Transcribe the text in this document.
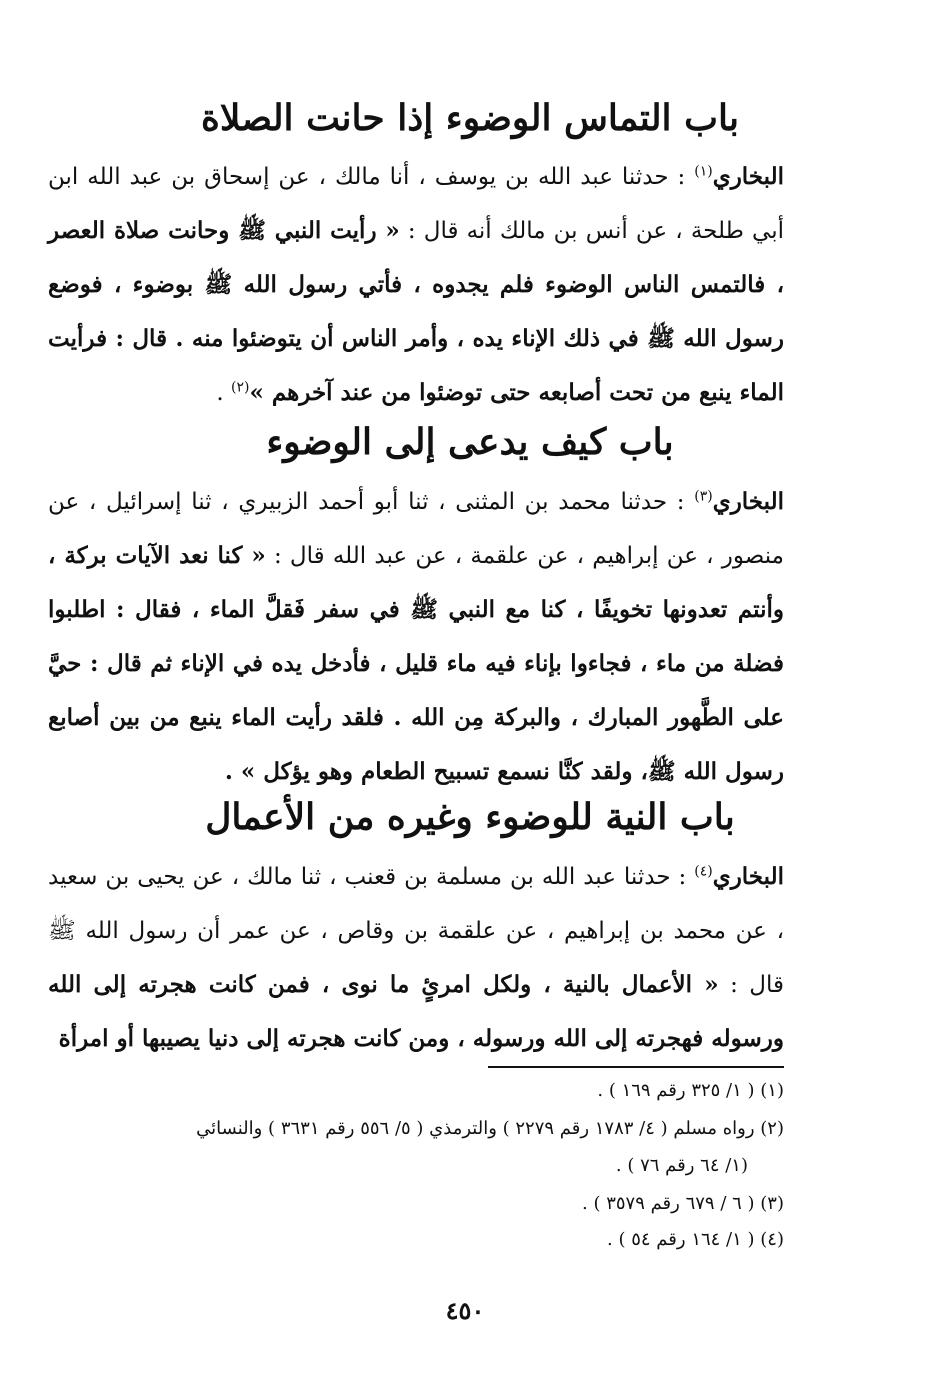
باب التماس الوضوء إذا حانت الصلاة
البخاري$^{(١)}$ : حدثنا عبد الله بن يوسف ، أنا مالك ، عن إسحاق بن عبد الله ابن أبي طلحة ، عن أنس بن مالك أنه قال : « رأيت النبي ﷺ وحانت صلاة العصر ، فالتمس الناس الوضوء فلم يجدوه ، فأتي رسول الله ﷺ بوضوء ، فوضع رسول الله ﷺ في ذلك الإناء يده ، وأمر الناس أن يتوضئوا منه . قال : فرأيت الماء ينبع من تحت أصابعه حتى توضئوا من عند آخرهم »$^{(٢)}$ .
باب كيف يدعى إلى الوضوء
البخاري$^{(٣)}$ : حدثنا محمد بن المثنى ، ثنا أبو أحمد الزبيري ، ثنا إسرائيل ، عن منصور ، عن إبراهيم ، عن علقمة ، عن عبد الله قال : « كنا نعد الآيات بركة ، وأنتم تعدونها تخويفًا ، كنا مع النبي ﷺ في سفر فَقلَّ الماء ، فقال : اطلبوا فضلة من ماء ، فجاءوا بإناء فيه ماء قليل ، فأدخل يده في الإناء ثم قال : حيَّ على الطَّهور المبارك ، والبركة مِن الله . فلقد رأيت الماء ينبع من بين أصابع رسول الله ﷺ، ولقد كنَّا نسمع تسبيح الطعام وهو يؤكل » .
باب النية للوضوء وغيره من الأعمال
البخاري$^{(٤)}$ : حدثنا عبد الله بن مسلمة بن قعنب ، ثنا مالك ، عن يحيى بن سعيد ، عن محمد بن إبراهيم ، عن علقمة بن وقاص ، عن عمر أن رسول الله ﷺ قال : « الأعمال بالنية ، ولكل امرئٍ ما نوى ، فمن كانت هجرته إلى الله ورسوله فهجرته إلى الله ورسوله ، ومن كانت هجرته إلى دنيا يصيبها أو امرأة
(١) ( ١/ ٣٢٥ رقم ١٦٩ ) .
(٢) رواه مسلم ( ٤/ ١٧٨٣ رقم ٢٢٧٩ ) والترمذي ( ٥/ ٥٥٦ رقم ٣٦٣١ ) والنسائي
(١/ ٦٤ رقم ٧٦ ) .
(٣) ( ٦ / ٦٧٩ رقم ٣٥٧٩ ) .
(٤) ( ١/ ١٦٤ رقم ٥٤ ) .
٤٥٠
